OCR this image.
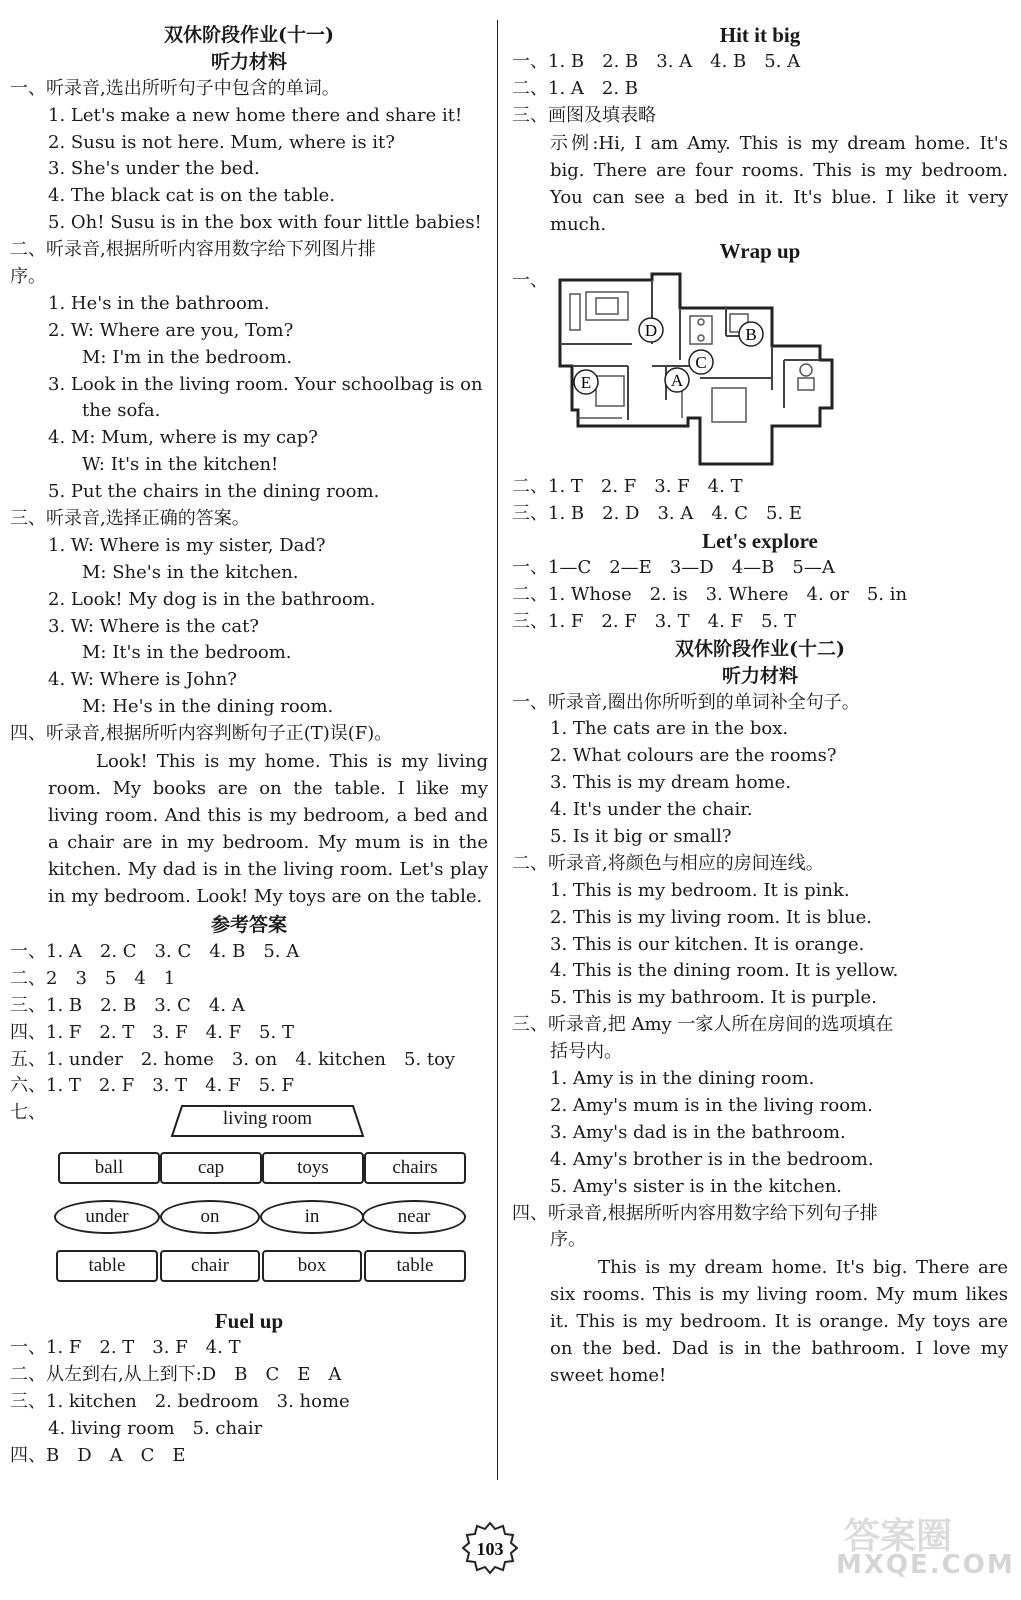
双休阶段作业(十一)
听力材料
一、听录音,选出所听句子中包含的单词。
1. Let's make a new home there and share it!
2. Susu is not here. Mum, where is it?
3. She's under the bed.
4. The black cat is on the table.
5. Oh! Susu is in the box with four little babies!
二、听录音,根据所听内容用数字给下列图片排
序。
1. He's in the bathroom.
2. W: Where are you, Tom?
M: I'm in the bedroom.
3. Look in the living room. Your schoolbag is on
the sofa.
4. M: Mum, where is my cap?
W: It's in the kitchen!
5. Put the chairs in the dining room.
三、听录音,选择正确的答案。
1. W: Where is my sister, Dad?
M: She's in the kitchen.
2. Look! My dog is in the bathroom.
3. W: Where is the cat?
M: It's in the bedroom.
4. W: Where is John?
M: He's in the dining room.
四、听录音,根据所听内容判断句子正(T)误(F)。
Look! This is my home. This is my living room. My books are on the table. I like my living room. And this is my bedroom, a bed and a chair are in my bedroom. My mum is in the kitchen. My dad is in the living room. Let's play in my bedroom. Look! My toys are on the table.
参考答案
一、1. A　2. C　3. C　4. B　5. A
二、2　3　5　4　1
三、1. B　2. B　3. C　4. A
四、1. F　2. T　3. F　4. F　5. T
五、1. under　2. home　3. on　4. kitchen　5. toy
六、1. T　2. F　3. T　4. F　5. F
七、	living room
ball	cap	toys	chairs
under	on	in	near
table	chair	box	table
Fuel up
一、1. F　2. T　3. F　4. T
二、从左到右,从上到下:D　B　C　E　A
三、1. kitchen　2. bedroom　3. home
4. living room　5. chair
四、B　D　A　C　E
Hit it big
一、1. B　2. B　3. A　4. B　5. A
二、1. A　2. B
三、画图及填表略
示例:Hi, I am Amy. This is my dream home. It's big. There are four rooms. This is my bedroom. You can see a bed in it. It's blue. I like it very much.
Wrap up
一、
D	B
C
A
E
二、1. T　2. F　3. F　4. T
三、1. B　2. D　3. A　4. C　5. E
Let's explore
一、1—C　2—E　3—D　4—B　5—A
二、1. Whose　2. is　3. Where　4. or　5. in
三、1. F　2. F　3. T　4. F　5. T
双休阶段作业(十二)
听力材料
一、听录音,圈出你所听到的单词补全句子。
1. The cats are in the box.
2. What colours are the rooms?
3. This is my dream home.
4. It's under the chair.
5. Is it big or small?
二、听录音,将颜色与相应的房间连线。
1. This is my bedroom. It is pink.
2. This is my living room. It is blue.
3. This is our kitchen. It is orange.
4. This is the dining room. It is yellow.
5. This is my bathroom. It is purple.
三、听录音,把 Amy 一家人所在房间的选项填在
括号内。
1. Amy is in the dining room.
2. Amy's mum is in the living room.
3. Amy's dad is in the bathroom.
4. Amy's brother is in the bedroom.
5. Amy's sister is in the kitchen.
四、听录音,根据所听内容用数字给下列句子排
序。
This is my dream home. It's big. There are six rooms. This is my living room. My mum likes it. This is my bedroom. It is orange. My toys are on the bed. Dad is in the bathroom. I love my sweet home!
103	答案圈
MXQE.COM
